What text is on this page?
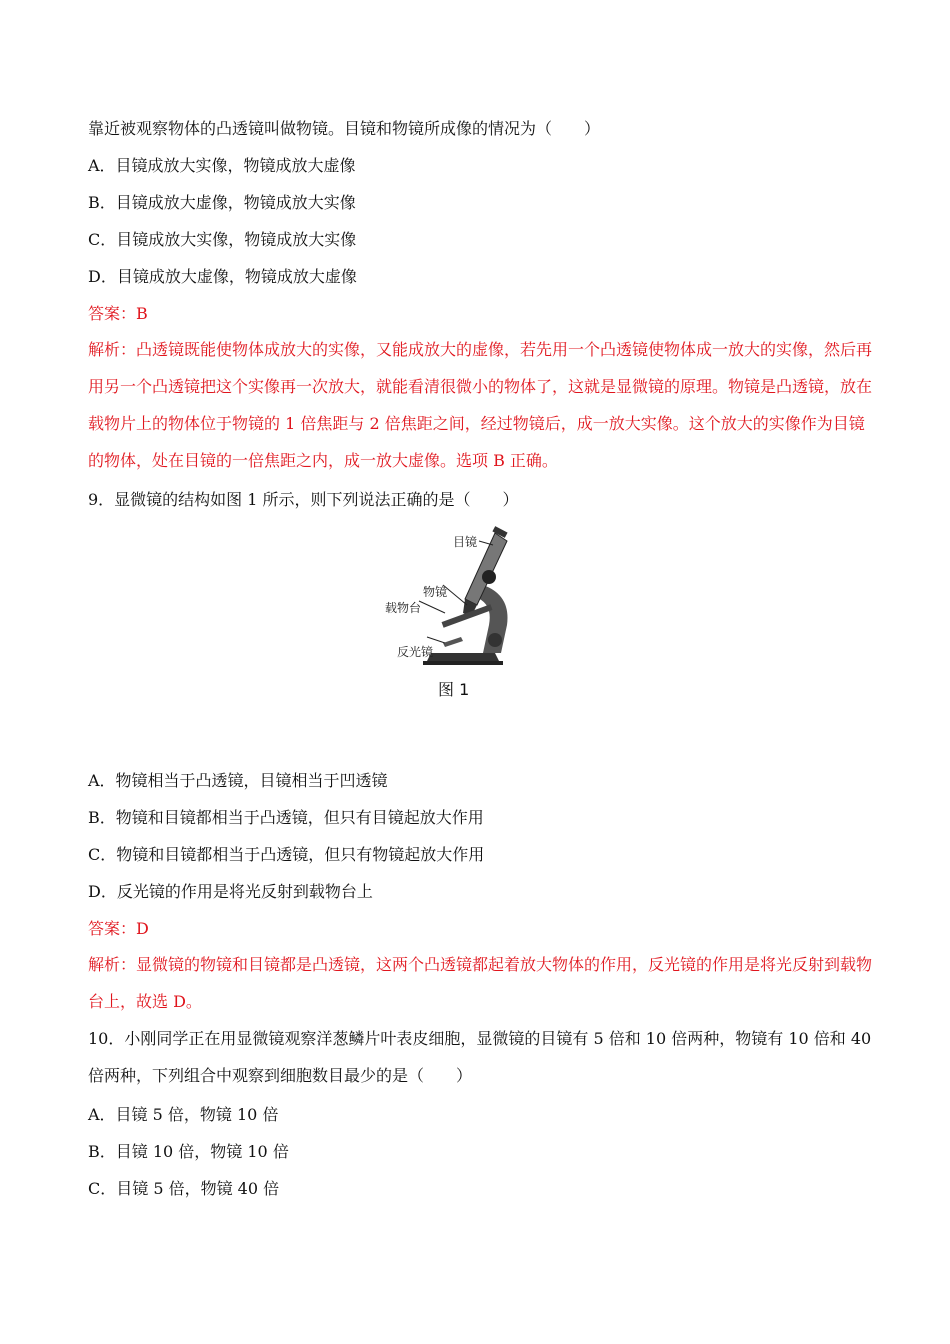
靠近被观察物体的凸透镜叫做物镜。目镜和物镜所成像的情况为（　　）
A．目镜成放大实像，物镜成放大虚像
B．目镜成放大虚像，物镜成放大实像
C．目镜成放大实像，物镜成放大实像
D．目镜成放大虚像，物镜成放大虚像
答案：B
解析：凸透镜既能使物体成放大的实像，又能成放大的虚像，若先用一个凸透镜使物体成一放大的实像，然后再用另一个凸透镜把这个实像再一次放大，就能看清很微小的物体了，这就是显微镜的原理。物镜是凸透镜，放在载物片上的物体位于物镜的 1 倍焦距与 2 倍焦距之间，经过物镜后，成一放大实像。这个放大的实像作为目镜的物体，处在目镜的一倍焦距之内，成一放大虚像。选项 B 正确。
9．显微镜的结构如图 1 所示，则下列说法正确的是（　　）
目镜
物镜
载物台
反光镜
图 1
A．物镜相当于凸透镜，目镜相当于凹透镜
B．物镜和目镜都相当于凸透镜，但只有目镜起放大作用
C．物镜和目镜都相当于凸透镜，但只有物镜起放大作用
D．反光镜的作用是将光反射到载物台上
答案：D
解析：显微镜的物镜和目镜都是凸透镜，这两个凸透镜都起着放大物体的作用，反光镜的作用是将光反射到载物台上，故选 D。
10．小刚同学正在用显微镜观察洋葱鳞片叶表皮细胞，显微镜的目镜有 5 倍和 10 倍两种，物镜有 10 倍和 40 倍两种，下列组合中观察到细胞数目最少的是（　　）
A．目镜 5 倍，物镜 10 倍
B．目镜 10 倍，物镜 10 倍
C．目镜 5 倍，物镜 40 倍
